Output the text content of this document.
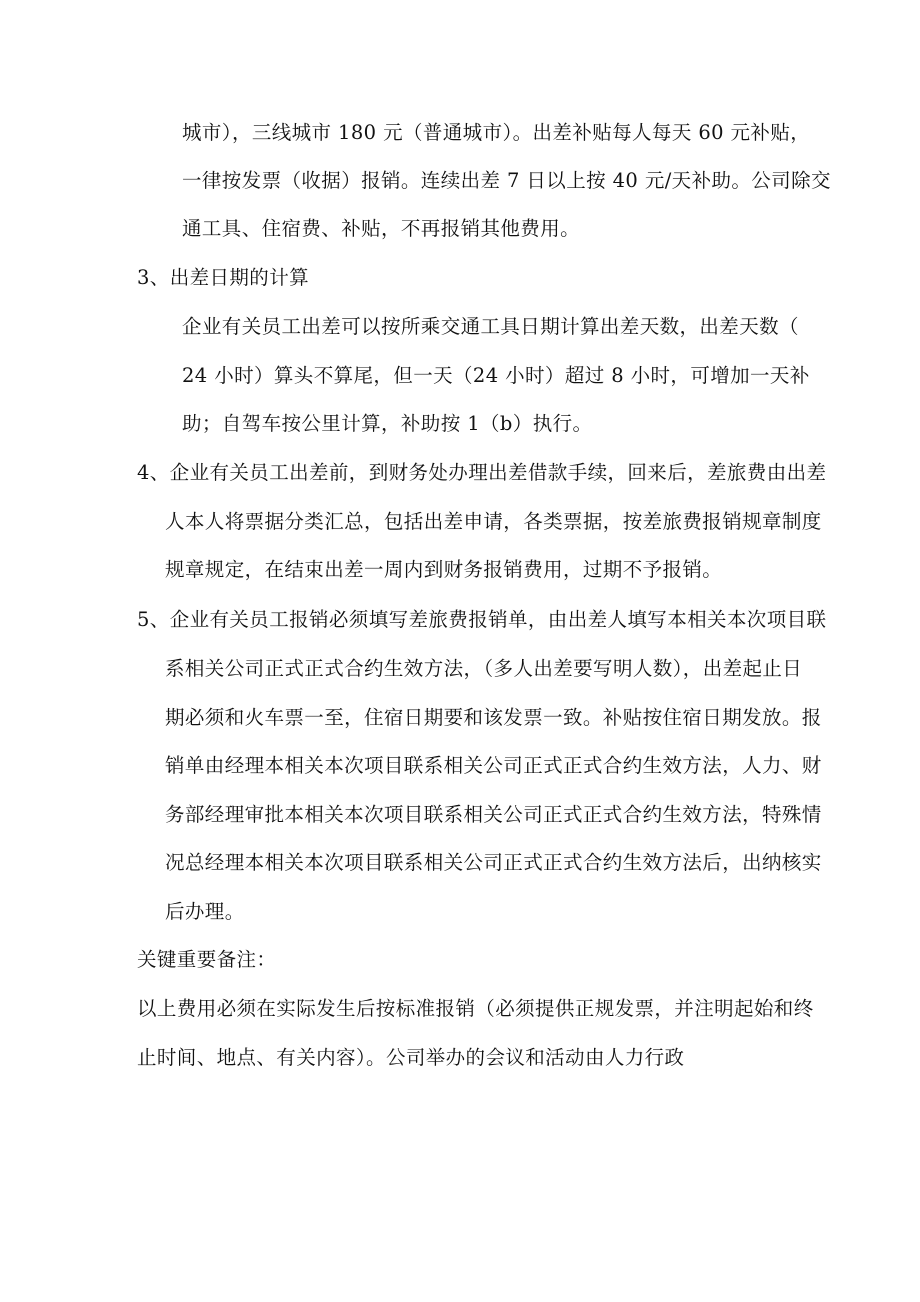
城市），三线城市 180 元（普通城市）。出差补贴每人每天 60 元补贴，
一律按发票（收据）报销。连续出差 7 日以上按 40 元/天补助。公司除交
通工具、住宿费、补贴，不再报销其他费用。
3、出差日期的计算
企业有关员工出差可以按所乘交通工具日期计算出差天数，出差天数（
24 小时）算头不算尾，但一天（24 小时）超过 8 小时，可增加一天补
助；自驾车按公里计算，补助按 1（b）执行。
4、企业有关员工出差前，到财务处办理出差借款手续，回来后，差旅费由出差
人本人将票据分类汇总，包括出差申请，各类票据，按差旅费报销规章制度
规章规定，在结束出差一周内到财务报销费用，过期不予报销。
5、企业有关员工报销必须填写差旅费报销单，由出差人填写本相关本次项目联
系相关公司正式正式合约生效方法，（多人出差要写明人数），出差起止日
期必须和火车票一至，住宿日期要和该发票一致。补贴按住宿日期发放。报
销单由经理本相关本次项目联系相关公司正式正式合约生效方法，人力、财
务部经理审批本相关本次项目联系相关公司正式正式合约生效方法，特殊情
况总经理本相关本次项目联系相关公司正式正式合约生效方法后，出纳核实
后办理。
关键重要备注：
以上费用必须在实际发生后按标准报销（必须提供正规发票，并注明起始和终
止时间、地点、有关内容）。公司举办的会议和活动由人力行政
